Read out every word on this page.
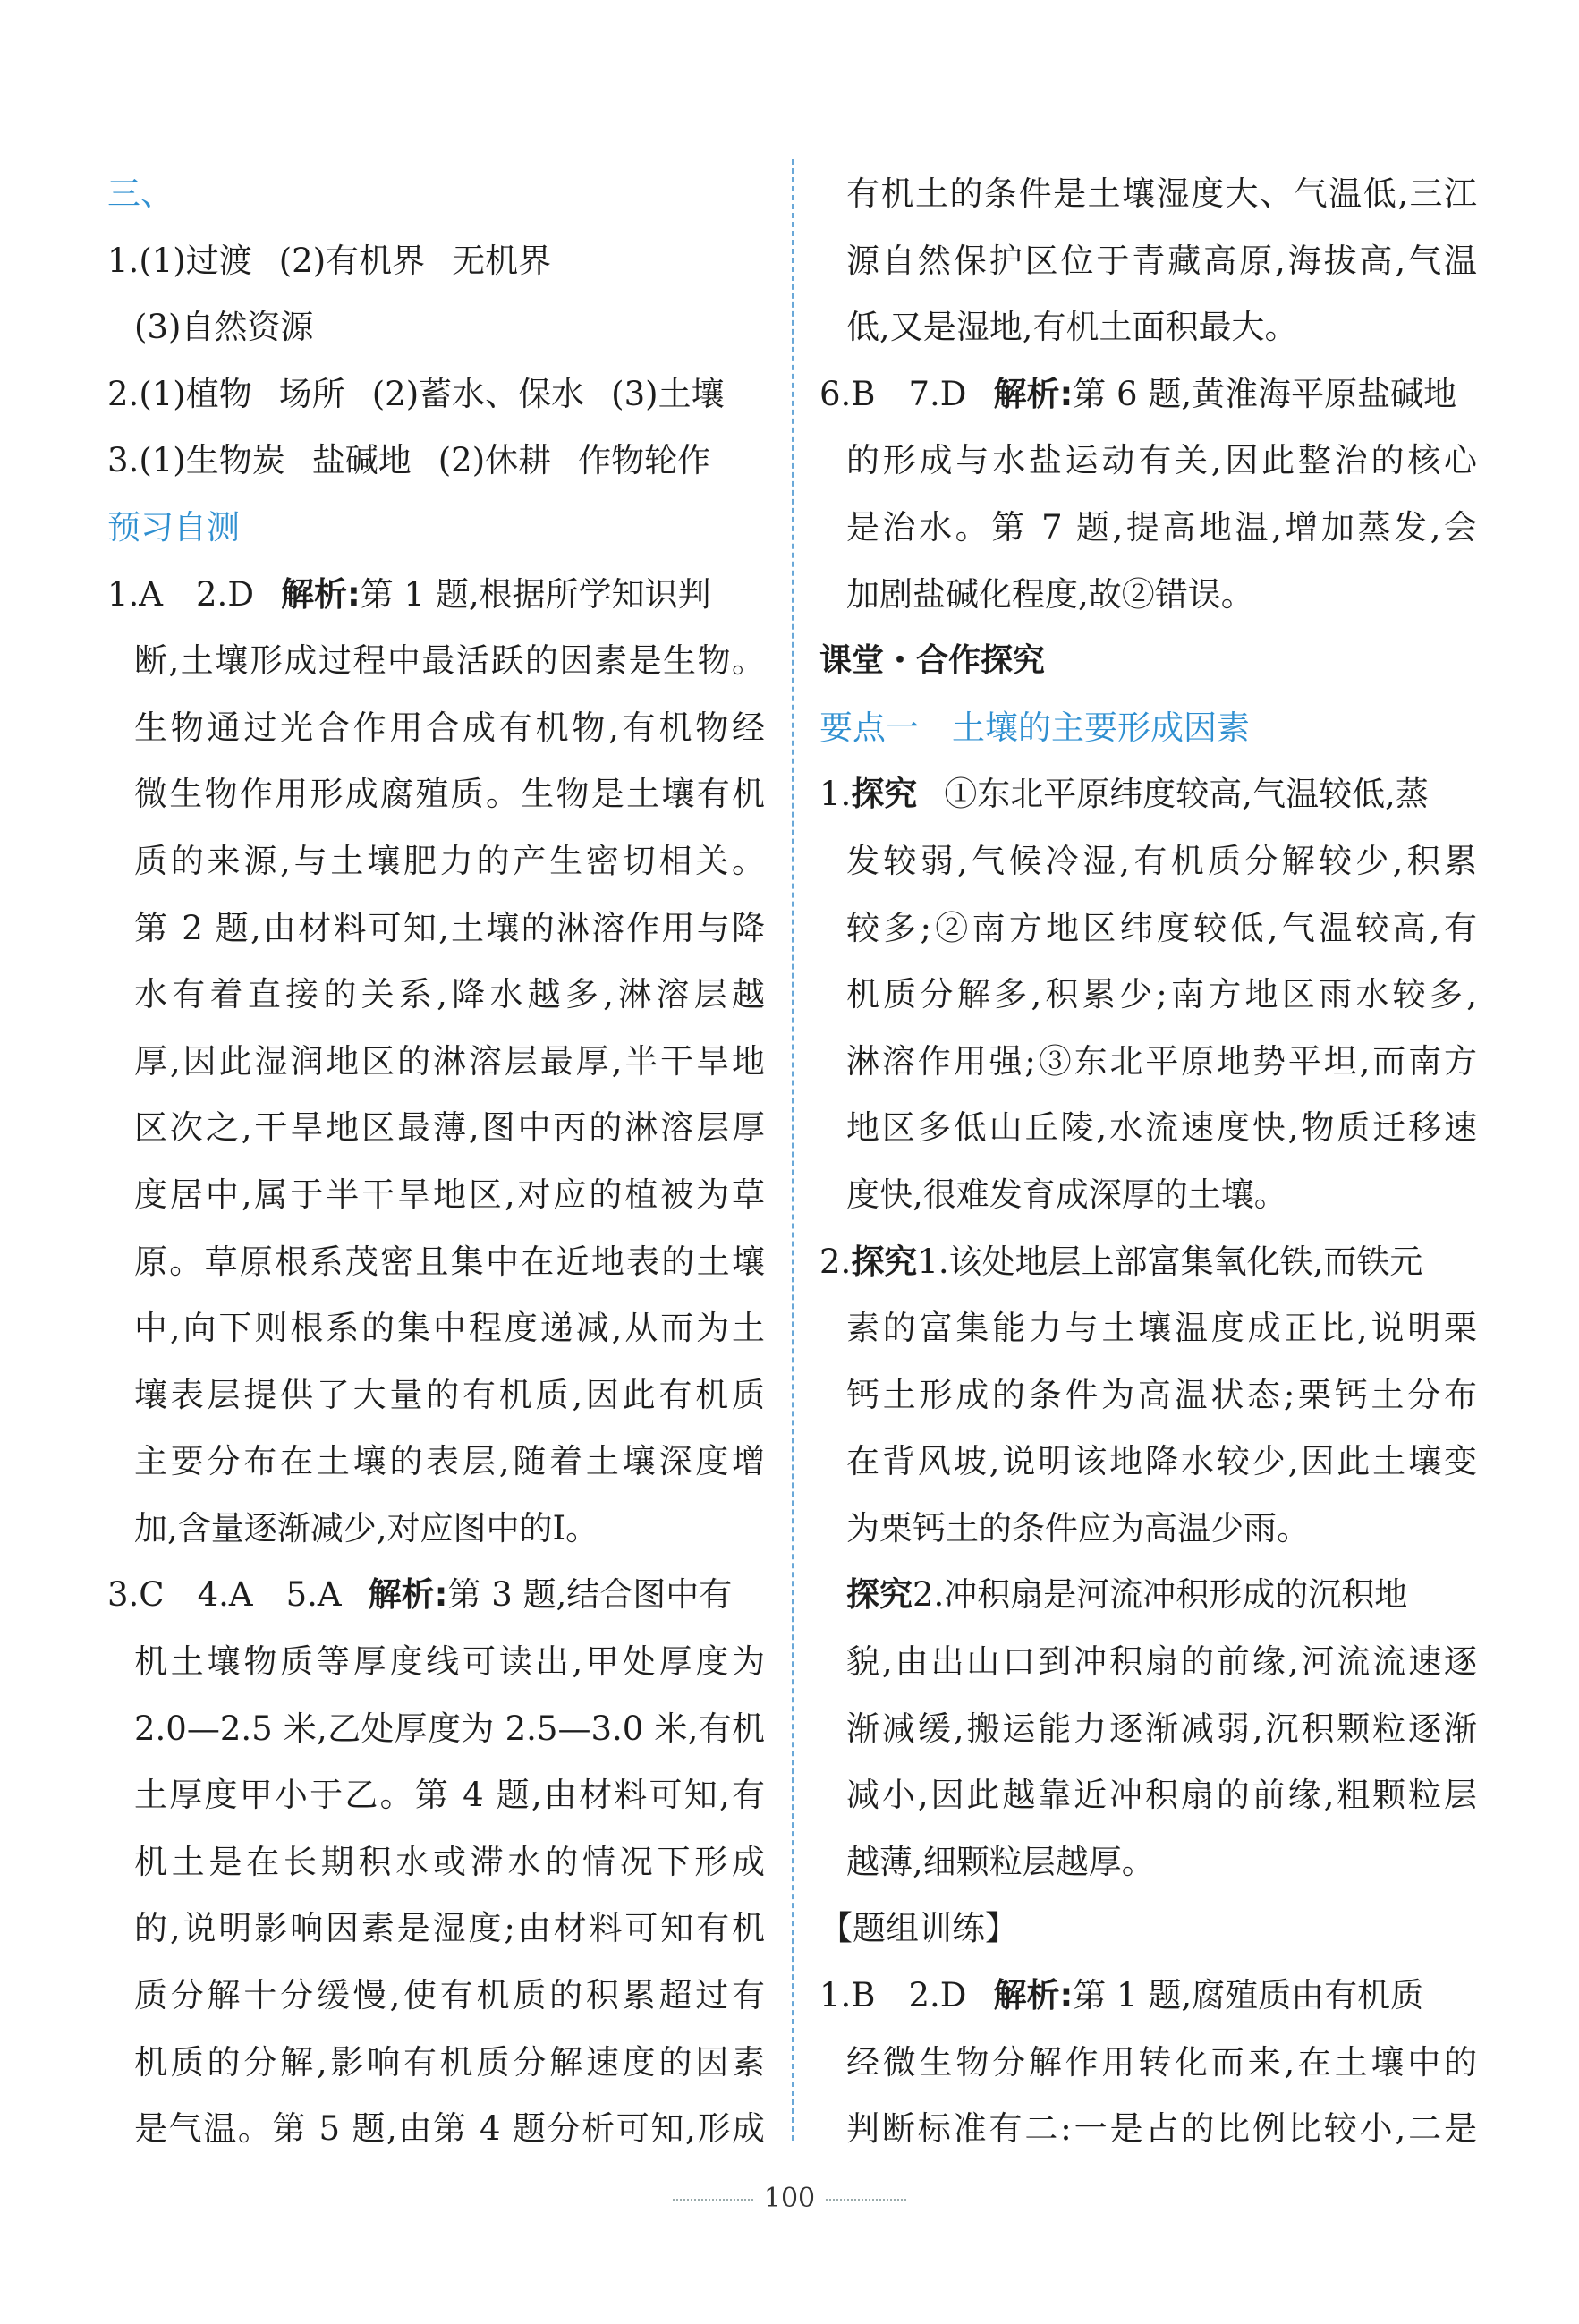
三、
1.(1)过渡 (2)有机界 无机界
(3)自然资源
2.(1)植物 场所 (2)蓄水、保水 (3)土壤
3.(1)生物炭 盐碱地 (2)休耕 作物轮作
预习自测
1.A　2.D 解析:第 1 题,根据所学知识判
断,土壤形成过程中最活跃的因素是生物。
生物通过光合作用合成有机物,有机物经
微生物作用形成腐殖质。生物是土壤有机
质的来源,与土壤肥力的产生密切相关。
第 2 题,由材料可知,土壤的淋溶作用与降
水有着直接的关系,降水越多,淋溶层越
厚,因此湿润地区的淋溶层最厚,半干旱地
区次之,干旱地区最薄,图中丙的淋溶层厚
度居中,属于半干旱地区,对应的植被为草
原。草原根系茂密且集中在近地表的土壤
中,向下则根系的集中程度递减,从而为土
壤表层提供了大量的有机质,因此有机质
主要分布在土壤的表层,随着土壤深度增
加,含量逐渐减少,对应图中的Ⅰ。
3.C　4.A　5.A 解析:第 3 题,结合图中有
机土壤物质等厚度线可读出,甲处厚度为
2.0—2.5 米,乙处厚度为 2.5—3.0 米,有机
土厚度甲小于乙。第 4 题,由材料可知,有
机土是在长期积水或滞水的情况下形成
的,说明影响因素是湿度;由材料可知有机
质分解十分缓慢,使有机质的积累超过有
机质的分解,影响有机质分解速度的因素
是气温。第 5 题,由第 4 题分析可知,形成
有机土的条件是土壤湿度大、气温低,三江
源自然保护区位于青藏高原,海拔高,气温
低,又是湿地,有机土面积最大。
6.B　7.D 解析:第 6 题,黄淮海平原盐碱地
的形成与水盐运动有关,因此整治的核心
是治水。第 7 题,提高地温,增加蒸发,会
加剧盐碱化程度,故②错误。
课堂・合作探究
要点一　土壤的主要形成因素
1.探究 ①东北平原纬度较高,气温较低,蒸
发较弱,气候冷湿,有机质分解较少,积累
较多;②南方地区纬度较低,气温较高,有
机质分解多,积累少;南方地区雨水较多,
淋溶作用强;③东北平原地势平坦,而南方
地区多低山丘陵,水流速度快,物质迁移速
度快,很难发育成深厚的土壤。
2.探究1.该处地层上部富集氧化铁,而铁元
素的富集能力与土壤温度成正比,说明栗
钙土形成的条件为高温状态;栗钙土分布
在背风坡,说明该地降水较少,因此土壤变
为栗钙土的条件应为高温少雨。
探究2.冲积扇是河流冲积形成的沉积地
貌,由出山口到冲积扇的前缘,河流流速逐
渐减缓,搬运能力逐渐减弱,沉积颗粒逐渐
减小,因此越靠近冲积扇的前缘,粗颗粒层
越薄,细颗粒层越厚。
【题组训练】
1.B　2.D 解析:第 1 题,腐殖质由有机质
经微生物分解作用转化而来,在土壤中的
判断标准有二:一是占的比例比较小,二是
100
